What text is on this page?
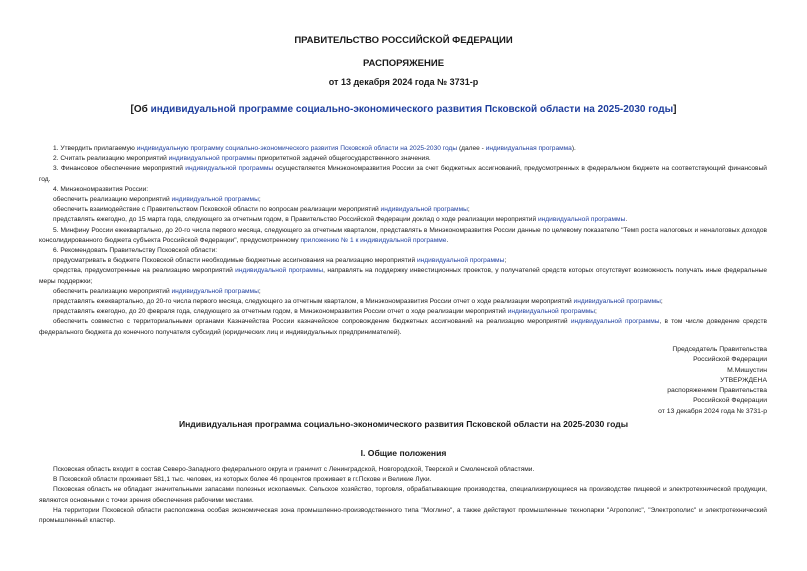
ПРАВИТЕЛЬСТВО РОССИЙСКОЙ ФЕДЕРАЦИИ
РАСПОРЯЖЕНИЕ
от 13 декабря 2024 года № 3731-р
[Об индивидуальной программе социально-экономического развития Псковской области на 2025-2030 годы]

1. Утвердить прилагаемую индивидуальную программу социально-экономического развития Псковской области на 2025-2030 годы (далее - индивидуальная программа).

2. Считать реализацию мероприятий индивидуальной программы приоритетной задачей общегосударственного значения.

3. Финансовое обеспечение мероприятий индивидуальной программы осуществляется Минэкономразвития России за счет бюджетных ассигнований, предусмотренных в федеральном бюджете на соответствующий финансовый год.

4. Минэкономразвития России:

обеспечить реализацию мероприятий индивидуальной программы;

обеспечить взаимодействие с Правительством Псковской области по вопросам реализации мероприятий индивидуальной программы;

представлять ежегодно, до 15 марта года, следующего за отчетным годом, в Правительство Российской Федерации доклад о ходе реализации мероприятий индивидуальной программы.

5. Минфину России ежеквартально, до 20-го числа первого месяца, следующего за отчетным кварталом, представлять в Минэкономразвития России данные по целевому показателю "Темп роста налоговых и неналоговых доходов консолидированного бюджета субъекта Российской Федерации", предусмотренному приложению № 1 к индивидуальной программе.

6. Рекомендовать Правительству Псковской области:

предусматривать в бюджете Псковской области необходимые бюджетные ассигнования на реализацию мероприятий индивидуальной программы;

средства, предусмотренные на реализацию мероприятий индивидуальной программы, направлять на поддержку инвестиционных проектов, у получателей средств которых отсутствует возможность получать иные федеральные меры поддержки;

обеспечить реализацию мероприятий индивидуальной программы;

представлять ежеквартально, до 20-го числа первого месяца, следующего за отчетным кварталом, в Минэкономразвития России отчет о ходе реализации мероприятий индивидуальной программы;

представлять ежегодно, до 20 февраля года, следующего за отчетным годом, в Минэкономразвития России отчет о ходе реализации мероприятий индивидуальной программы;

обеспечить совместно с территориальными органами Казначейства России казначейское сопровождение бюджетных ассигнований на реализацию мероприятий индивидуальной программы, в том числе доведение средств федерального бюджета до конечного получателя субсидий (юридических лиц и индивидуальных предпринимателей).

Председатель Правительства
Российской Федерации
М.Мишустин
УТВЕРЖДЕНА
распоряжением Правительства
Российской Федерации
от 13 декабря 2024 года № 3731-р
Индивидуальная программа социально-экономического развития Псковской области на 2025-2030 годы
I. Общие положения

Псковская область входит в состав Северо-Западного федерального округа и граничит с Ленинградской, Новгородской, Тверской и Смоленской областями.

В Псковской области проживает 581,1 тыс. человек, из которых более 46 процентов проживает в гг.Пскове и Великие Луки.

Псковская область не обладает значительными запасами полезных ископаемых. Сельское хозяйство, торговля, обрабатывающие производства, специализирующиеся на производстве пищевой и электротехнической продукции, являются основными с точки зрения обеспечения рабочими местами.

На территории Псковской области расположена особая экономическая зона промышленно-производственного типа "Моглино", а также действуют промышленные технопарки "Агрополис", "Электрополис" и электротехнический промышленный кластер.
